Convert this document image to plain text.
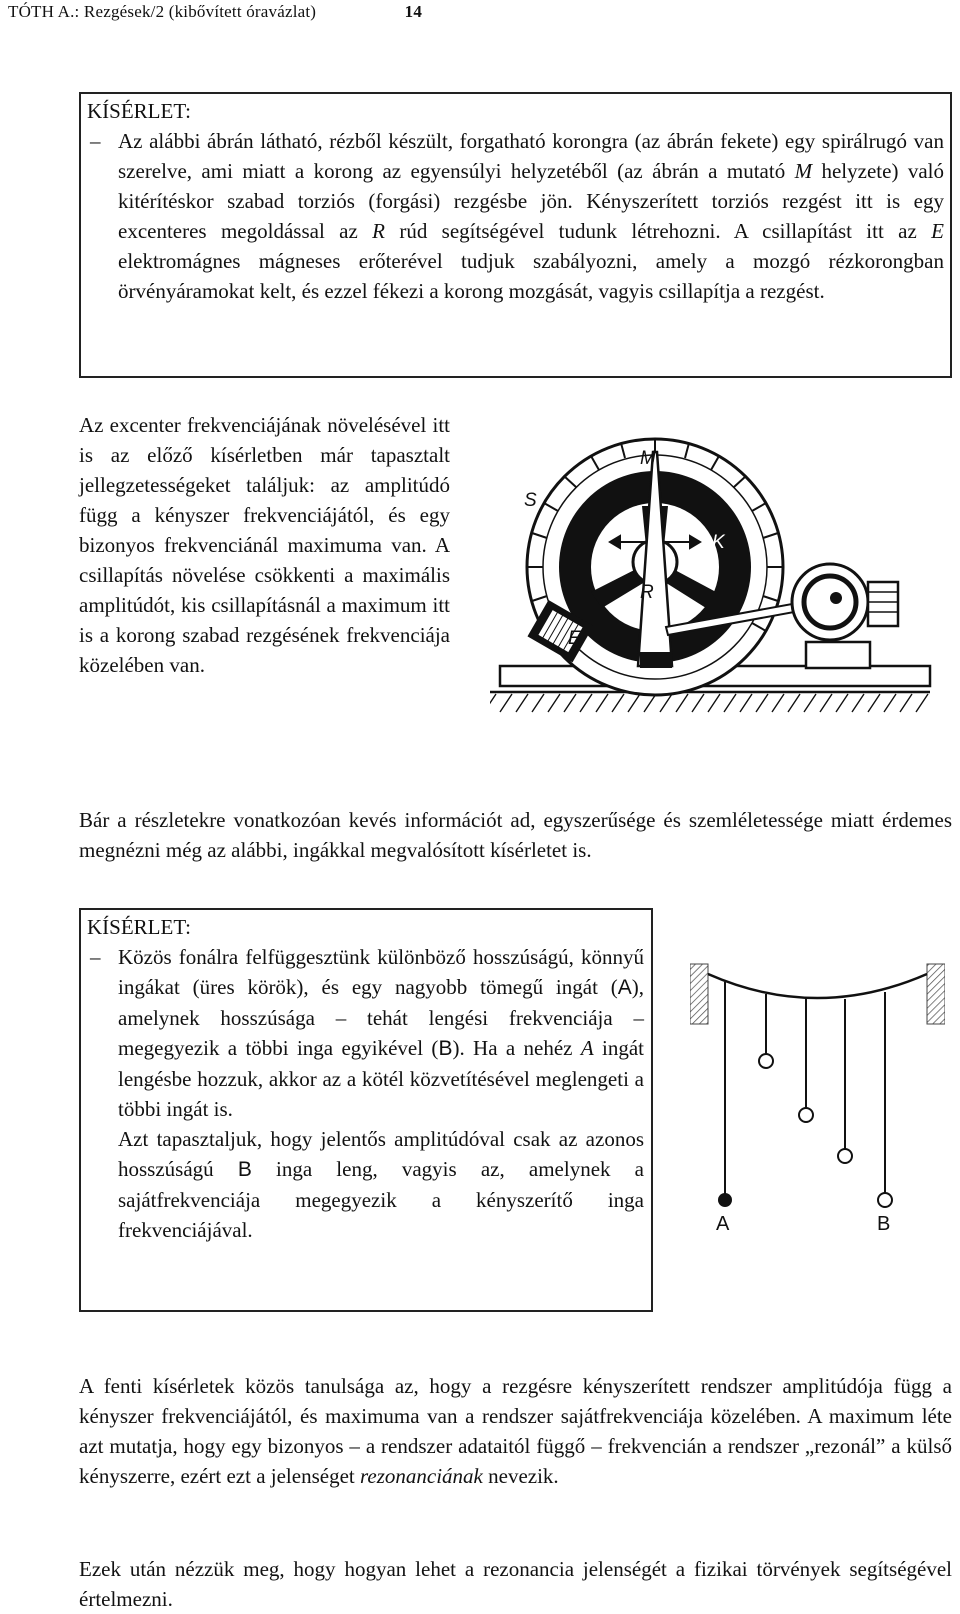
TÓTH A.: Rezgések/2 (kibővített óravázlat)	14
KÍSÉRLET:
– Az alábbi ábrán látható, rézből készült, forgatható korongra (az ábrán fekete) egy spirálrugó van szerelve, ami miatt a korong az egyensúlyi helyzetéből (az ábrán a mutató M helyzete) való kitérítéskor szabad torziós (forgási) rezgésbe jön. Kényszerített torziós rezgést itt is egy excenteres megoldással az R rúd segítségével tudunk létrehozni. A csillapítást itt az E elektromágnes mágneses erőterével tudjuk szabályozni, amely a mozgó rézkorongban örvényáramokat kelt, és ezzel fékezi a korong mozgását, vagyis csillapítja a rezgést.
Az excenter frekvenciájának növelésével itt is az előző kísérletben már tapasztalt jellegzetességeket találjuk: az amplitúdó függ a kényszer frekvenciájától, és egy bizonyos frekvenciánál maximuma van. A csillapítás növelése csökkenti a maximális amplitúdót, kis csillapításnál a maximum itt is a korong szabad rezgésének frekvenciája közelében van.
M
S
K
R
E
Bár a részletekre vonatkozóan kevés információt ad, egyszerűsége és szemléletessége miatt érdemes megnézni még az alábbi, ingákkal megvalósított kísérletet is.
KÍSÉRLET:
– Közös fonálra felfüggesztünk különböző hosszúságú, könnyű ingákat (üres körök), és egy nagyobb tömegű ingát (A), amelynek hosszúsága – tehát lengési frekvenciája – megegyezik a többi inga egyikével (B). Ha a nehéz A ingát lengésbe hozzuk, akkor az a kötél közvetítésével meglengeti a többi ingát is.
Azt tapasztaljuk, hogy jelentős amplitúdóval csak az azonos hosszúságú B inga leng, vagyis az, amelynek a sajátfrekvenciája megegyezik a kényszerítő inga frekvenciájával.	A	B
A fenti kísérletek közös tanulsága az, hogy a rezgésre kényszerített rendszer amplitúdója függ a kényszer frekvenciájától, és maximuma van a rendszer sajátfrekvenciája közelében. A maximum léte azt mutatja, hogy egy bizonyos – a rendszer adataitól függő – frekvencián a rendszer „rezonál” a külső kényszerre, ezért ezt a jelenséget rezonanciának nevezik.
Ezek után nézzük meg, hogy hogyan lehet a rezonancia jelenségét a fizikai törvények segítségével értelmezni.
